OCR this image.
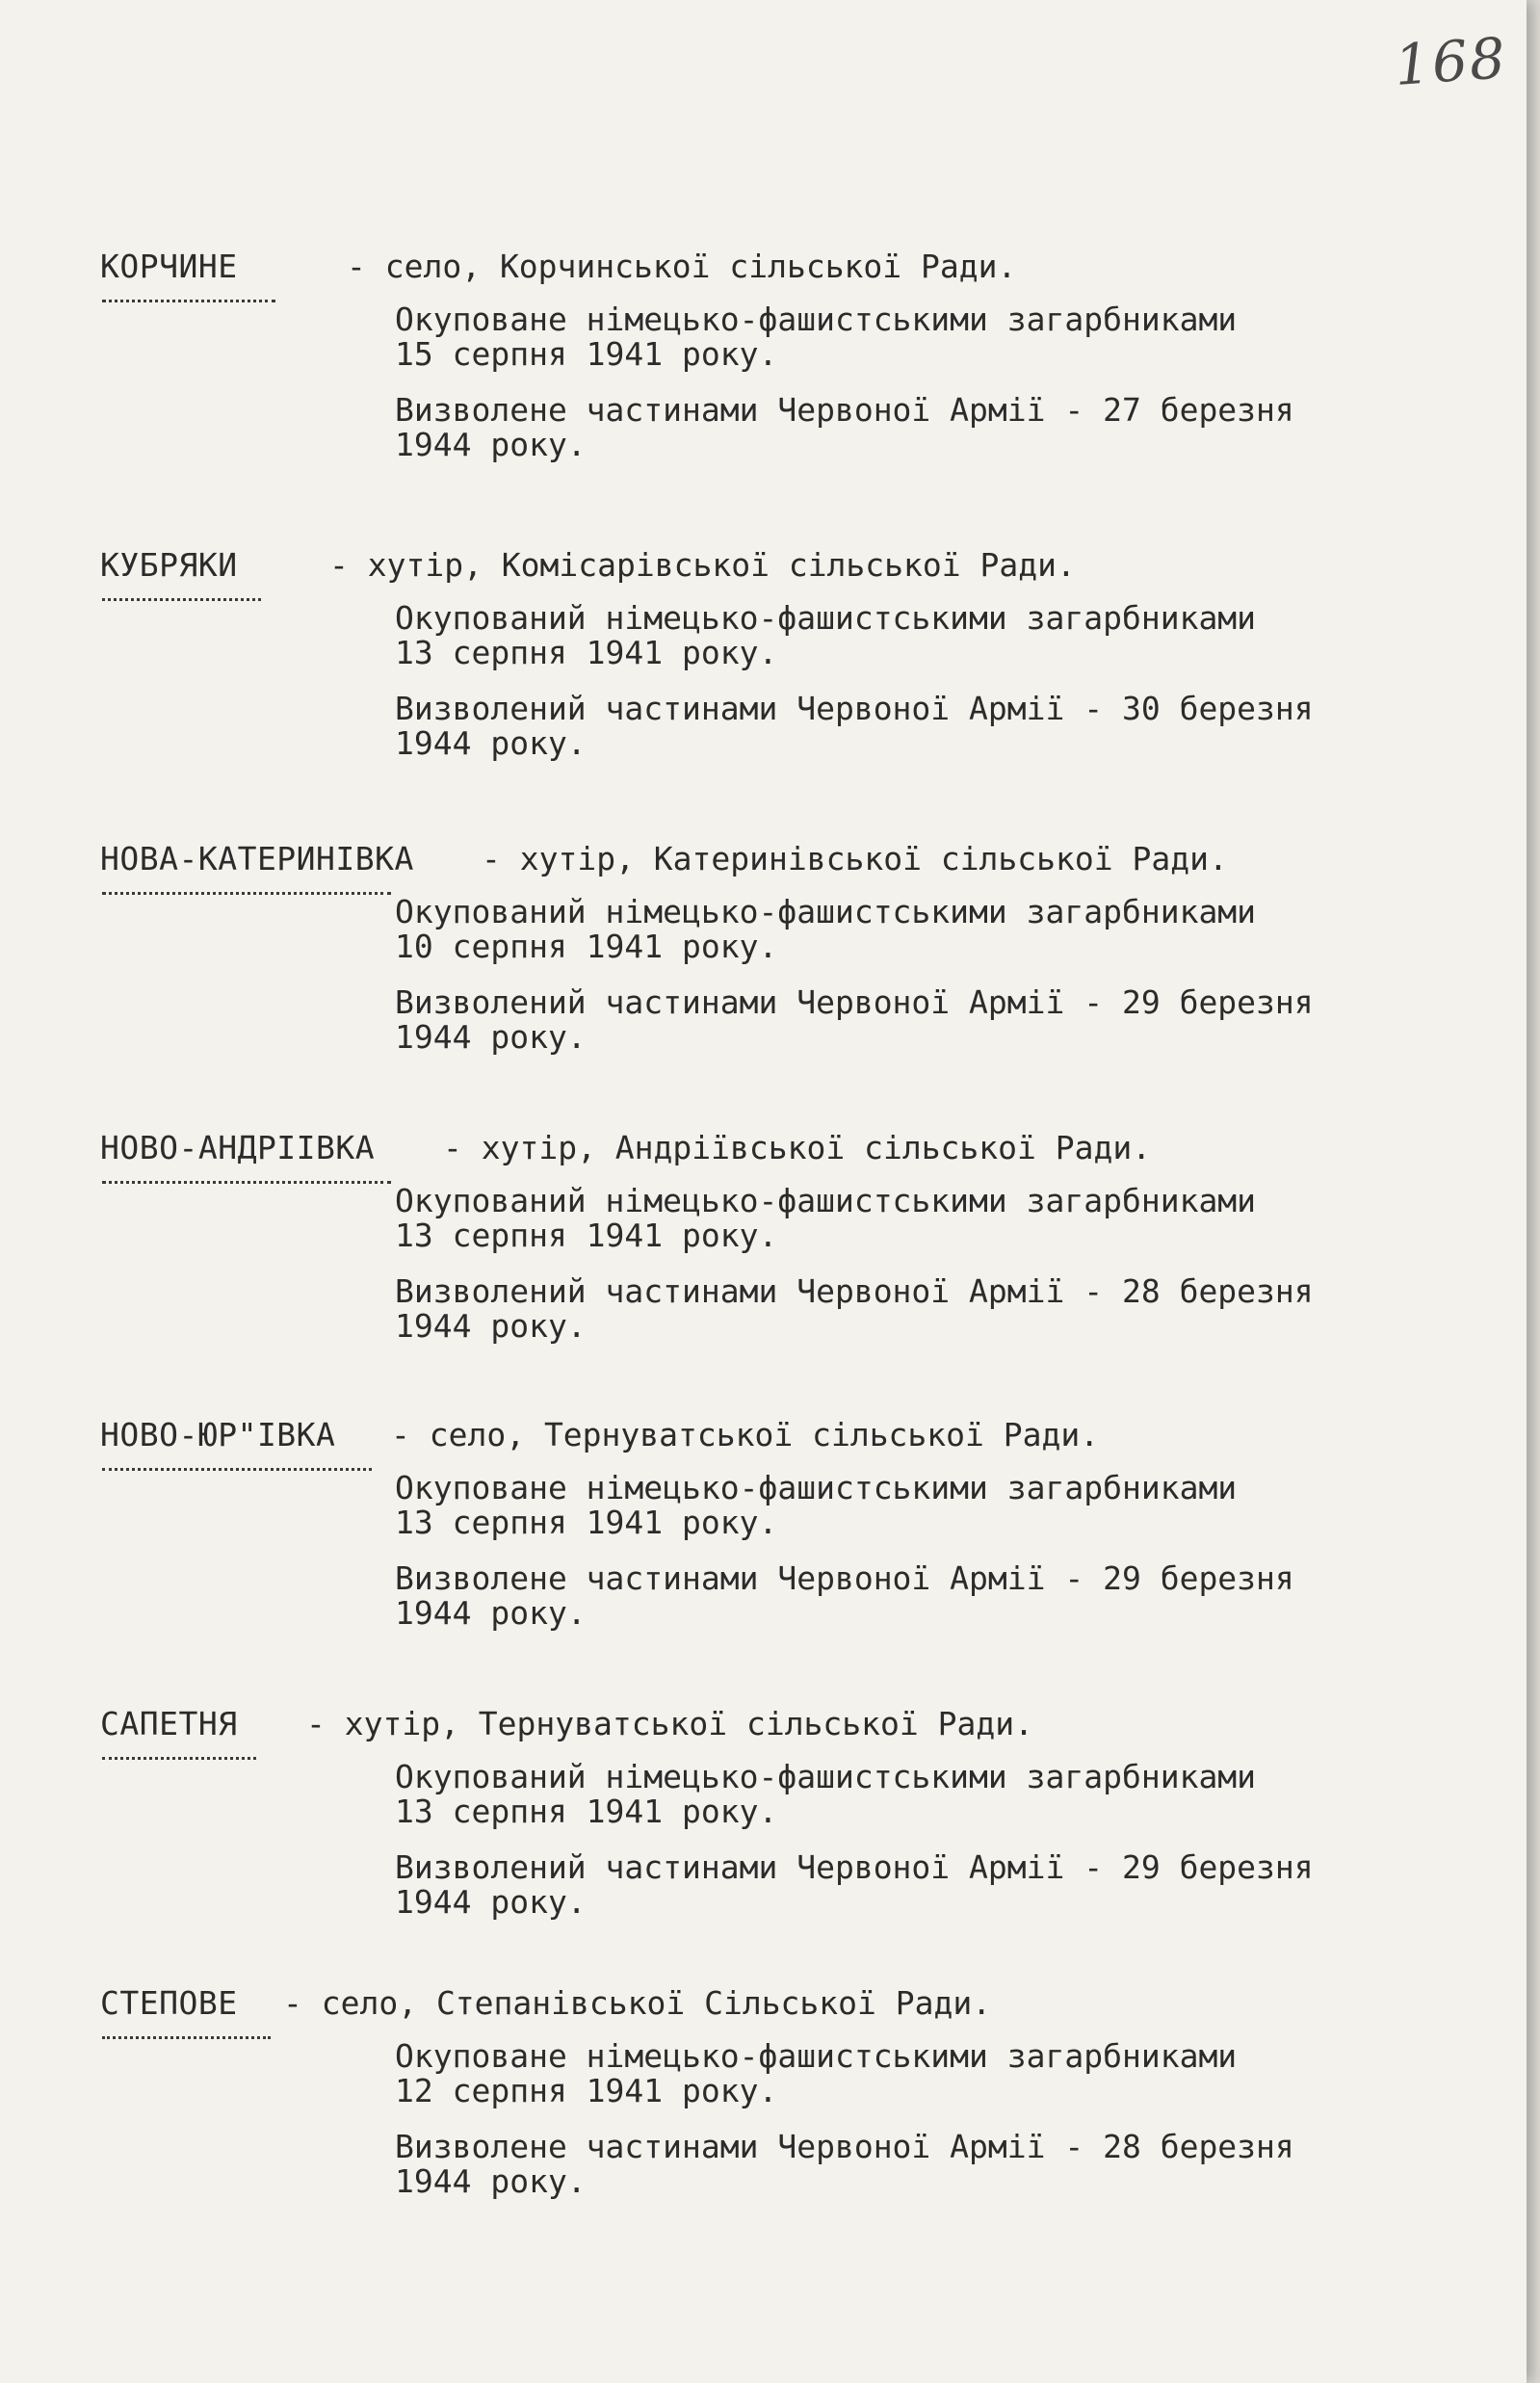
168
КОРЧИНЕ	- село, Корчинської сільської Ради.
Окуповане німецько-фашистськими загарбниками
15 серпня 1941 року.
Визволене частинами Червоної Армії - 27 березня
1944 року.
КУБРЯКИ	- хутір, Комісарівської сільської Ради.
Окупований німецько-фашистськими загарбниками
13 серпня 1941 року.
Визволений частинами Червоної Армії - 30 березня
1944 року.
НОВА-КАТЕРИНІВКА - хутір, Катеринівської сільської Ради.
Окупований німецько-фашистськими загарбниками
10 серпня 1941 року.
Визволений частинами Червоної Армії - 29 березня
1944 року.
НОВО-АНДРІІВКА - хутір, Андріївської сільської Ради.
Окупований німецько-фашистськими загарбниками
13 серпня 1941 року.
Визволений частинами Червоної Армії - 28 березня
1944 року.
НОВО-ЮР"ІВКА - село, Тернуватської сільської Ради.
Окуповане німецько-фашистськими загарбниками
13 серпня 1941 року.
Визволене частинами Червоної Армії - 29 березня
1944 року.
САПЕТНЯ - хутір, Тернуватської сільської Ради.
Окупований німецько-фашистськими загарбниками
13 серпня 1941 року.
Визволений частинами Червоної Армії - 29 березня
1944 року.
СТЕПОВЕ - село, Степанівської Сільської Ради.
Окуповане німецько-фашистськими загарбниками
12 серпня 1941 року.
Визволене частинами Червоної Армії - 28 березня
1944 року.
